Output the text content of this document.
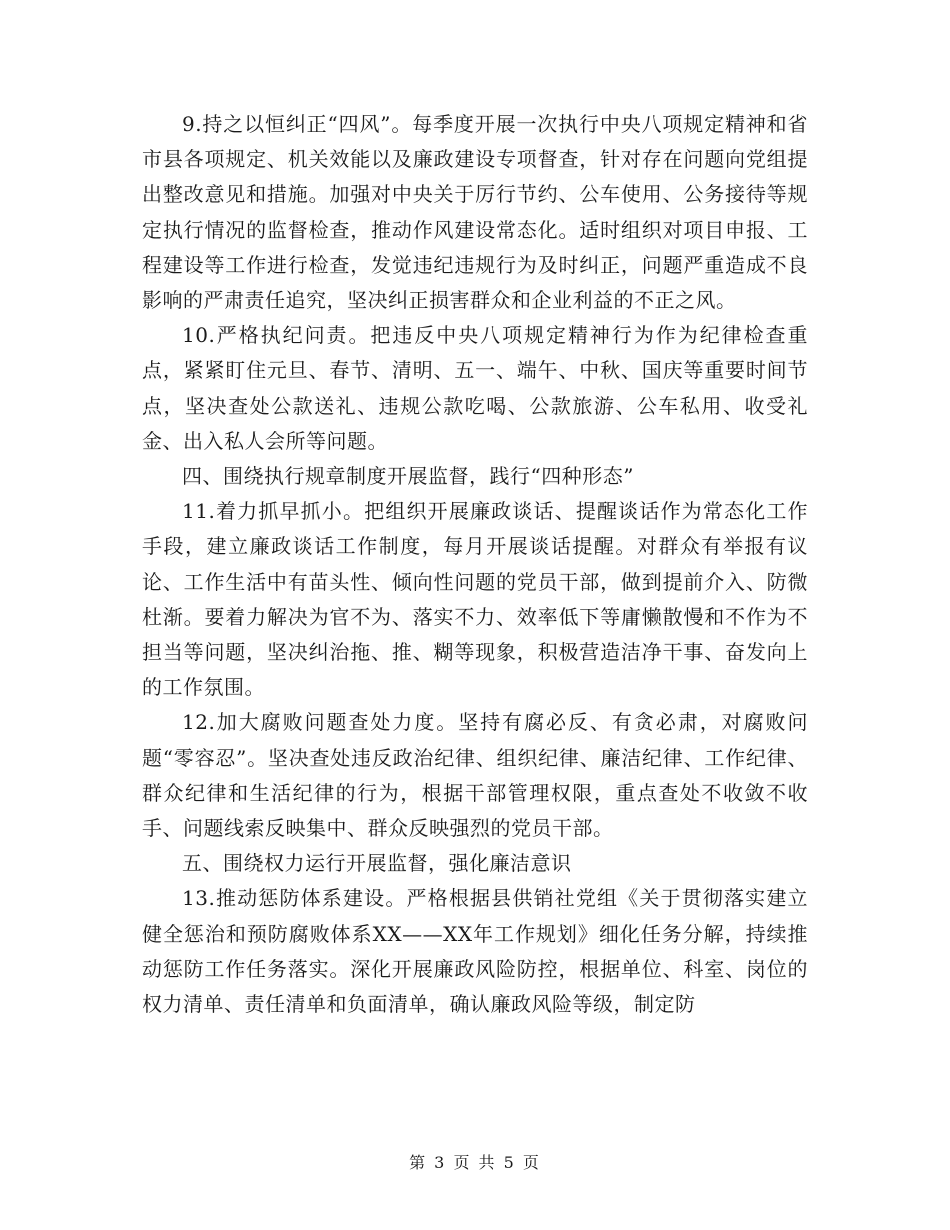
9.持之以恒纠正“四风”。每季度开展一次执行中央八项规定精神和省市县各项规定、机关效能以及廉政建设专项督查，针对存在问题向党组提出整改意见和措施。加强对中央关于厉行节约、公车使用、公务接待等规定执行情况的监督检查，推动作风建设常态化。适时组织对项目申报、工程建设等工作进行检查，发觉违纪违规行为及时纠正，问题严重造成不良影响的严肃责任追究，坚决纠正损害群众和企业利益的不正之风。

10.严格执纪问责。把违反中央八项规定精神行为作为纪律检查重点，紧紧盯住元旦、春节、清明、五一、端午、中秋、国庆等重要时间节点，坚决查处公款送礼、违规公款吃喝、公款旅游、公车私用、收受礼金、出入私人会所等问题。

四、围绕执行规章制度开展监督，践行“四种形态”

11.着力抓早抓小。把组织开展廉政谈话、提醒谈话作为常态化工作手段，建立廉政谈话工作制度，每月开展谈话提醒。对群众有举报有议论、工作生活中有苗头性、倾向性问题的党员干部，做到提前介入、防微杜渐。要着力解决为官不为、落实不力、效率低下等庸懒散慢和不作为不担当等问题，坚决纠治拖、推、糊等现象，积极营造洁净干事、奋发向上的工作氛围。

12.加大腐败问题查处力度。坚持有腐必反、有贪必肃，对腐败问题“零容忍”。坚决查处违反政治纪律、组织纪律、廉洁纪律、工作纪律、群众纪律和生活纪律的行为，根据干部管理权限，重点查处不收敛不收手、问题线索反映集中、群众反映强烈的党员干部。

五、围绕权力运行开展监督，强化廉洁意识

13.推动惩防体系建设。严格根据县供销社党组《关于贯彻落实建立健全惩治和预防腐败体系XX——XX年工作规划》细化任务分解，持续推动惩防工作任务落实。深化开展廉政风险防控，根据单位、科室、岗位的权力清单、责任清单和负面清单，确认廉政风险等级，制定防

第 3 页 共 5 页
